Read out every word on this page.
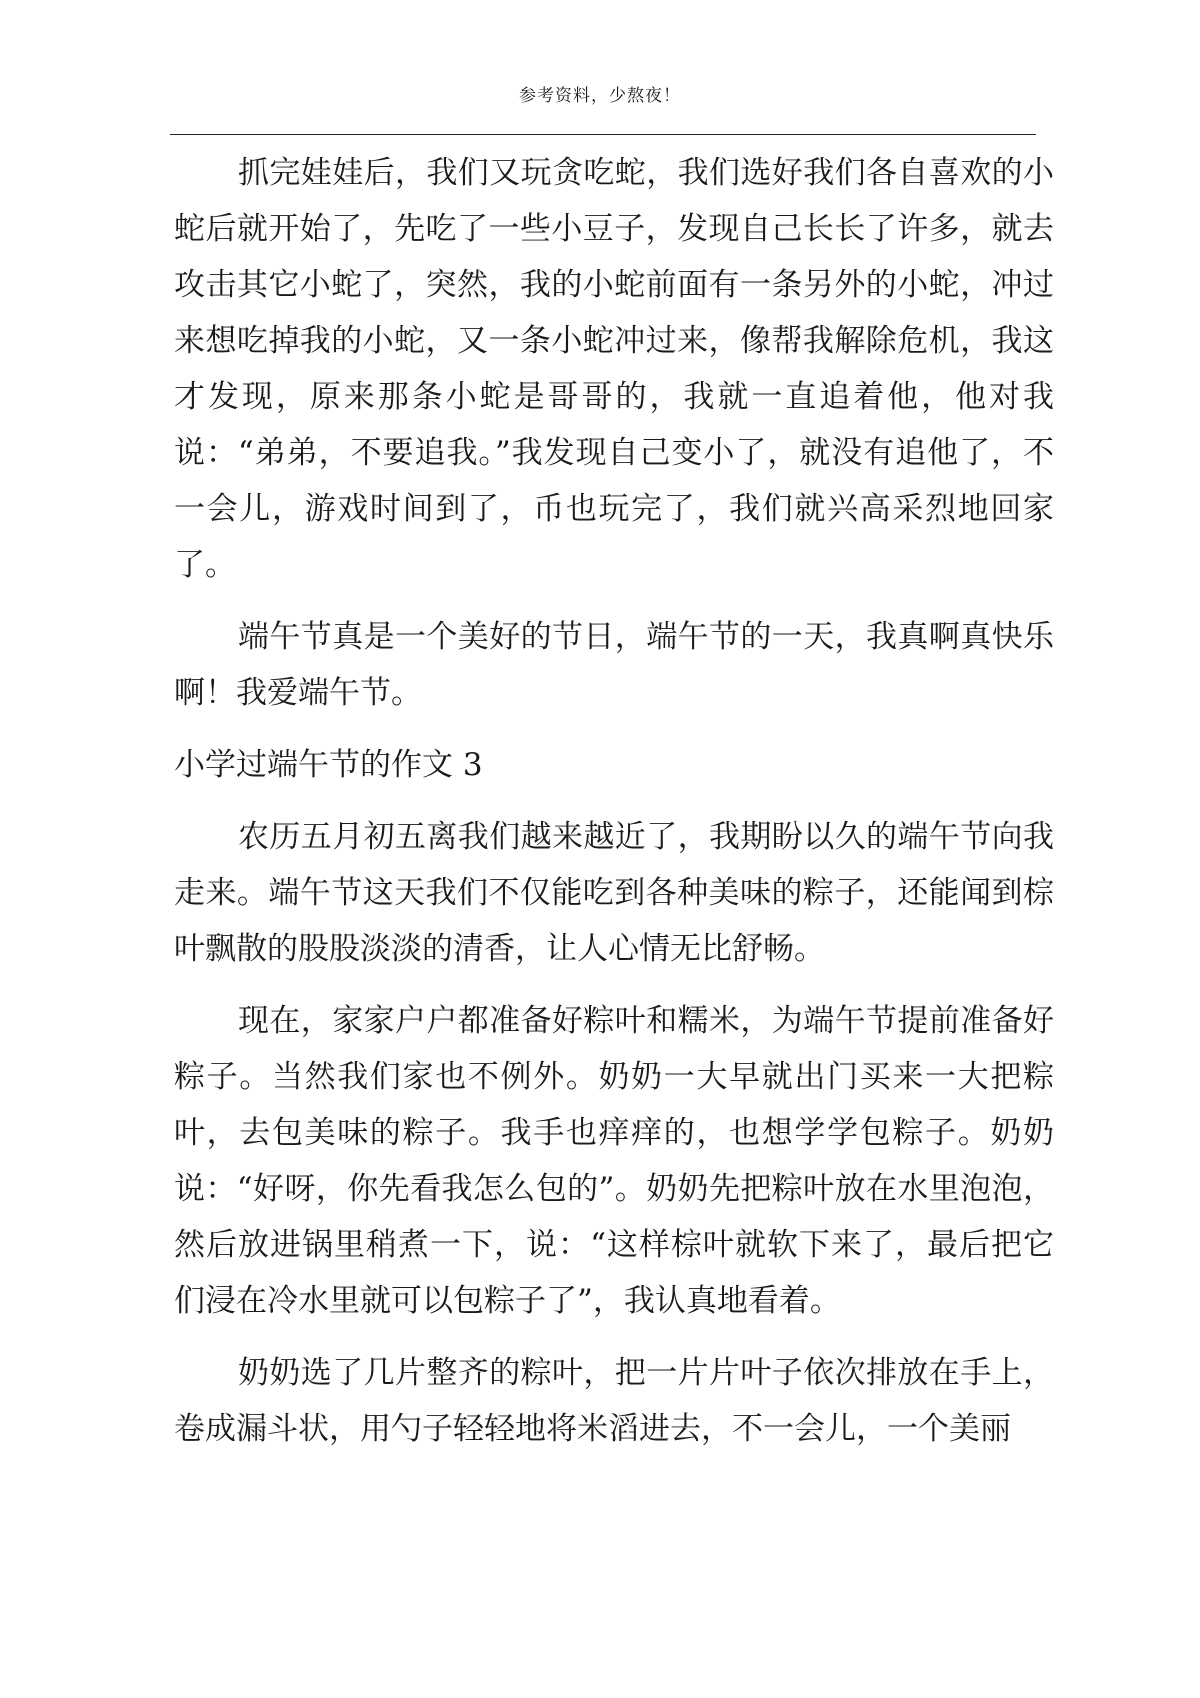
参考资料，少熬夜！

抓完娃娃后，我们又玩贪吃蛇，我们选好我们各自喜欢的小蛇后就开始了，先吃了一些小豆子，发现自己长长了许多，就去攻击其它小蛇了，突然，我的小蛇前面有一条另外的小蛇，冲过来想吃掉我的小蛇，又一条小蛇冲过来，像帮我解除危机，我这才发现，原来那条小蛇是哥哥的，我就一直追着他，他对我说：“弟弟，不要追我。”我发现自己变小了，就没有追他了，不一会儿，游戏时间到了，币也玩完了，我们就兴高采烈地回家了。

端午节真是一个美好的节日，端午节的一天，我真啊真快乐啊！我爱端午节。

小学过端午节的作文 3

农历五月初五离我们越来越近了，我期盼以久的端午节向我走来。端午节这天我们不仅能吃到各种美味的粽子，还能闻到棕叶飘散的股股淡淡的清香，让人心情无比舒畅。

现在，家家户户都准备好粽叶和糯米，为端午节提前准备好粽子。当然我们家也不例外。奶奶一大早就出门买来一大把粽叶，去包美味的粽子。我手也痒痒的，也想学学包粽子。奶奶说：“好呀，你先看我怎么包的”。奶奶先把粽叶放在水里泡泡，然后放进锅里稍煮一下，说：“这样棕叶就软下来了，最后把它们浸在冷水里就可以包粽子了”，我认真地看着。

奶奶选了几片整齐的粽叶，把一片片叶子依次排放在手上，卷成漏斗状，用勺子轻轻地将米滔进去，不一会儿，一个美丽
